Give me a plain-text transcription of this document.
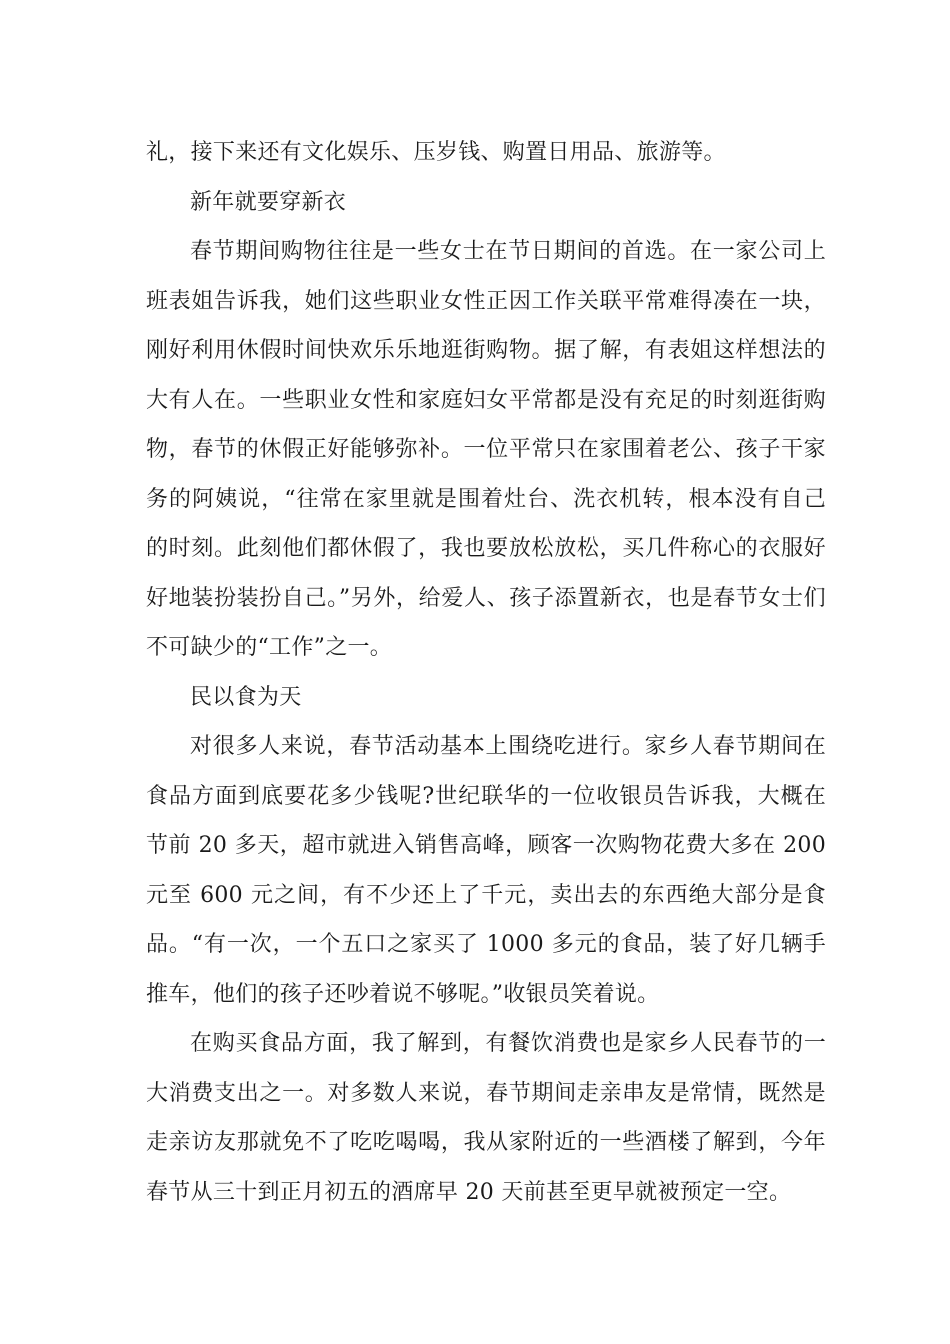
礼，接下来还有文化娱乐、压岁钱、购置日用品、旅游等。

新年就要穿新衣

春节期间购物往往是一些女士在节日期间的首选。在一家公司上班表姐告诉我，她们这些职业女性正因工作关联平常难得凑在一块，刚好利用休假时间快欢乐乐地逛街购物。据了解，有表姐这样想法的大有人在。一些职业女性和家庭妇女平常都是没有充足的时刻逛街购物，春节的休假正好能够弥补。一位平常只在家围着老公、孩子干家务的阿姨说，“往常在家里就是围着灶台、洗衣机转，根本没有自己的时刻。此刻他们都休假了，我也要放松放松，买几件称心的衣服好好地装扮装扮自己。”另外，给爱人、孩子添置新衣，也是春节女士们不可缺少的“工作”之一。

民以食为天

对很多人来说，春节活动基本上围绕吃进行。家乡人春节期间在食品方面到底要花多少钱呢?世纪联华的一位收银员告诉我，大概在节前 20 多天，超市就进入销售高峰，顾客一次购物花费大多在 200 元至 600 元之间，有不少还上了千元，卖出去的东西绝大部分是食品。“有一次，一个五口之家买了 1000 多元的食品，装了好几辆手推车，他们的孩子还吵着说不够呢。”收银员笑着说。

在购买食品方面，我了解到，有餐饮消费也是家乡人民春节的一大消费支出之一。对多数人来说，春节期间走亲串友是常情，既然是走亲访友那就免不了吃吃喝喝，我从家附近的一些酒楼了解到，今年春节从三十到正月初五的酒席早 20 天前甚至更早就被预定一空。
